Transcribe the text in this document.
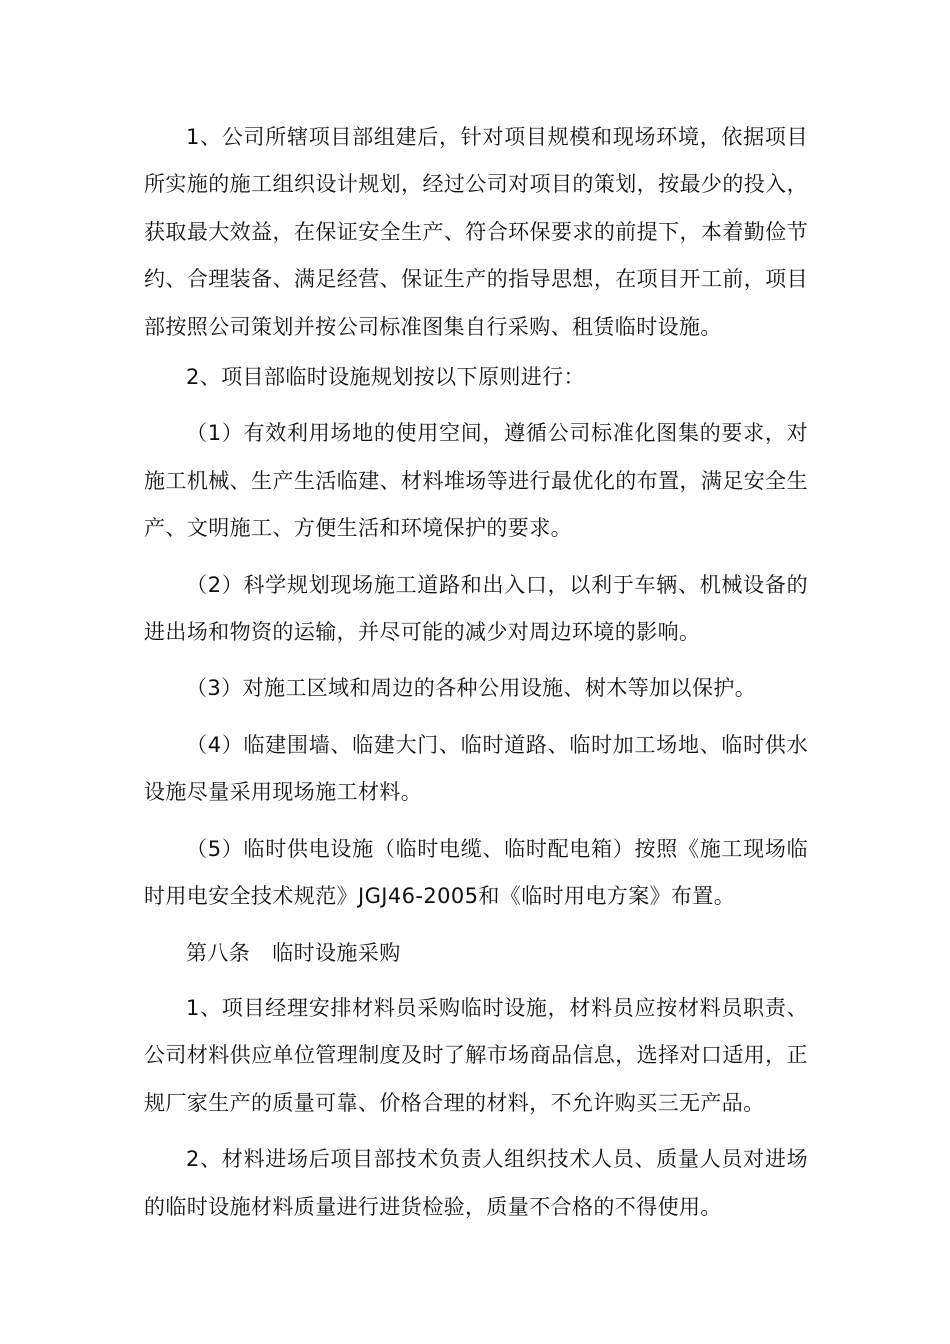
1、公司所辖项目部组建后，针对项目规模和现场环境，依据项目所实施的施工组织设计规划，经过公司对项目的策划，按最少的投入，获取最大效益，在保证安全生产、符合环保要求的前提下，本着勤俭节约、合理装备、满足经营、保证生产的指导思想，在项目开工前，项目部按照公司策划并按公司标准图集自行采购、租赁临时设施。

2、项目部临时设施规划按以下原则进行：

（1）有效利用场地的使用空间，遵循公司标准化图集的要求，对施工机械、生产生活临建、材料堆场等进行最优化的布置，满足安全生产、文明施工、方便生活和环境保护的要求。

（2）科学规划现场施工道路和出入口，以利于车辆、机械设备的进出场和物资的运输，并尽可能的减少对周边环境的影响。

（3）对施工区域和周边的各种公用设施、树木等加以保护。

（4）临建围墙、临建大门、临时道路、临时加工场地、临时供水设施尽量采用现场施工材料。

（5）临时供电设施（临时电缆、临时配电箱）按照《施工现场临时用电安全技术规范》JGJ46-2005和《临时用电方案》布置。

第八条 临时设施采购

1、项目经理安排材料员采购临时设施，材料员应按材料员职责、公司材料供应单位管理制度及时了解市场商品信息，选择对口适用，正规厂家生产的质量可靠、价格合理的材料，不允许购买三无产品。

2、材料进场后项目部技术负责人组织技术人员、质量人员对进场的临时设施材料质量进行进货检验，质量不合格的不得使用。
